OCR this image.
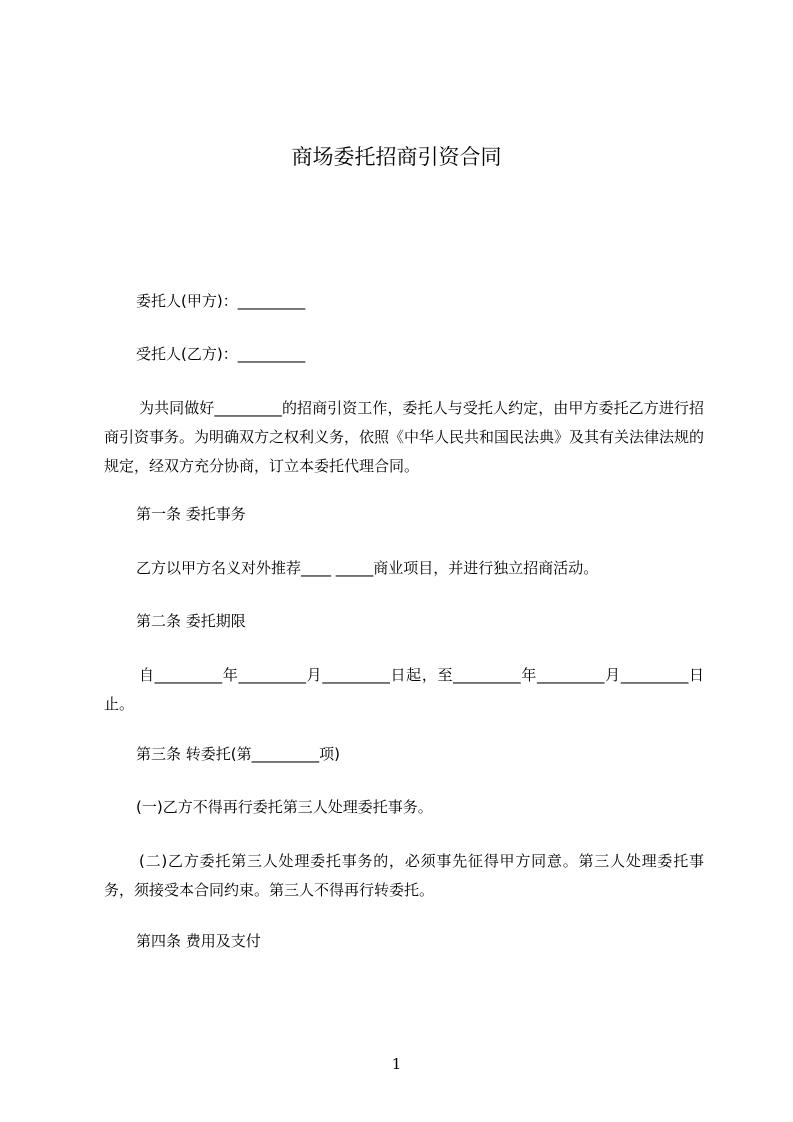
商场委托招商引资合同
委托人(甲方)：_________
受托人(乙方)：_________
为共同做好_________的招商引资工作，委托人与受托人约定，由甲方委托乙方进行招商引资事务。为明确双方之权利义务，依照《中华人民共和国民法典》及其有关法律法规的规定，经双方充分协商，订立本委托代理合同。
第一条 委托事务
乙方以甲方名义对外推荐____ _____商业项目，并进行独立招商活动。
第二条 委托期限
自_________年_________月_________日起，至_________年_________月_________日止。
第三条 转委托(第_________项)
(一)乙方不得再行委托第三人处理委托事务。
(二)乙方委托第三人处理委托事务的，必须事先征得甲方同意。第三人处理委托事务，须接受本合同约束。第三人不得再行转委托。
第四条 费用及支付
1
